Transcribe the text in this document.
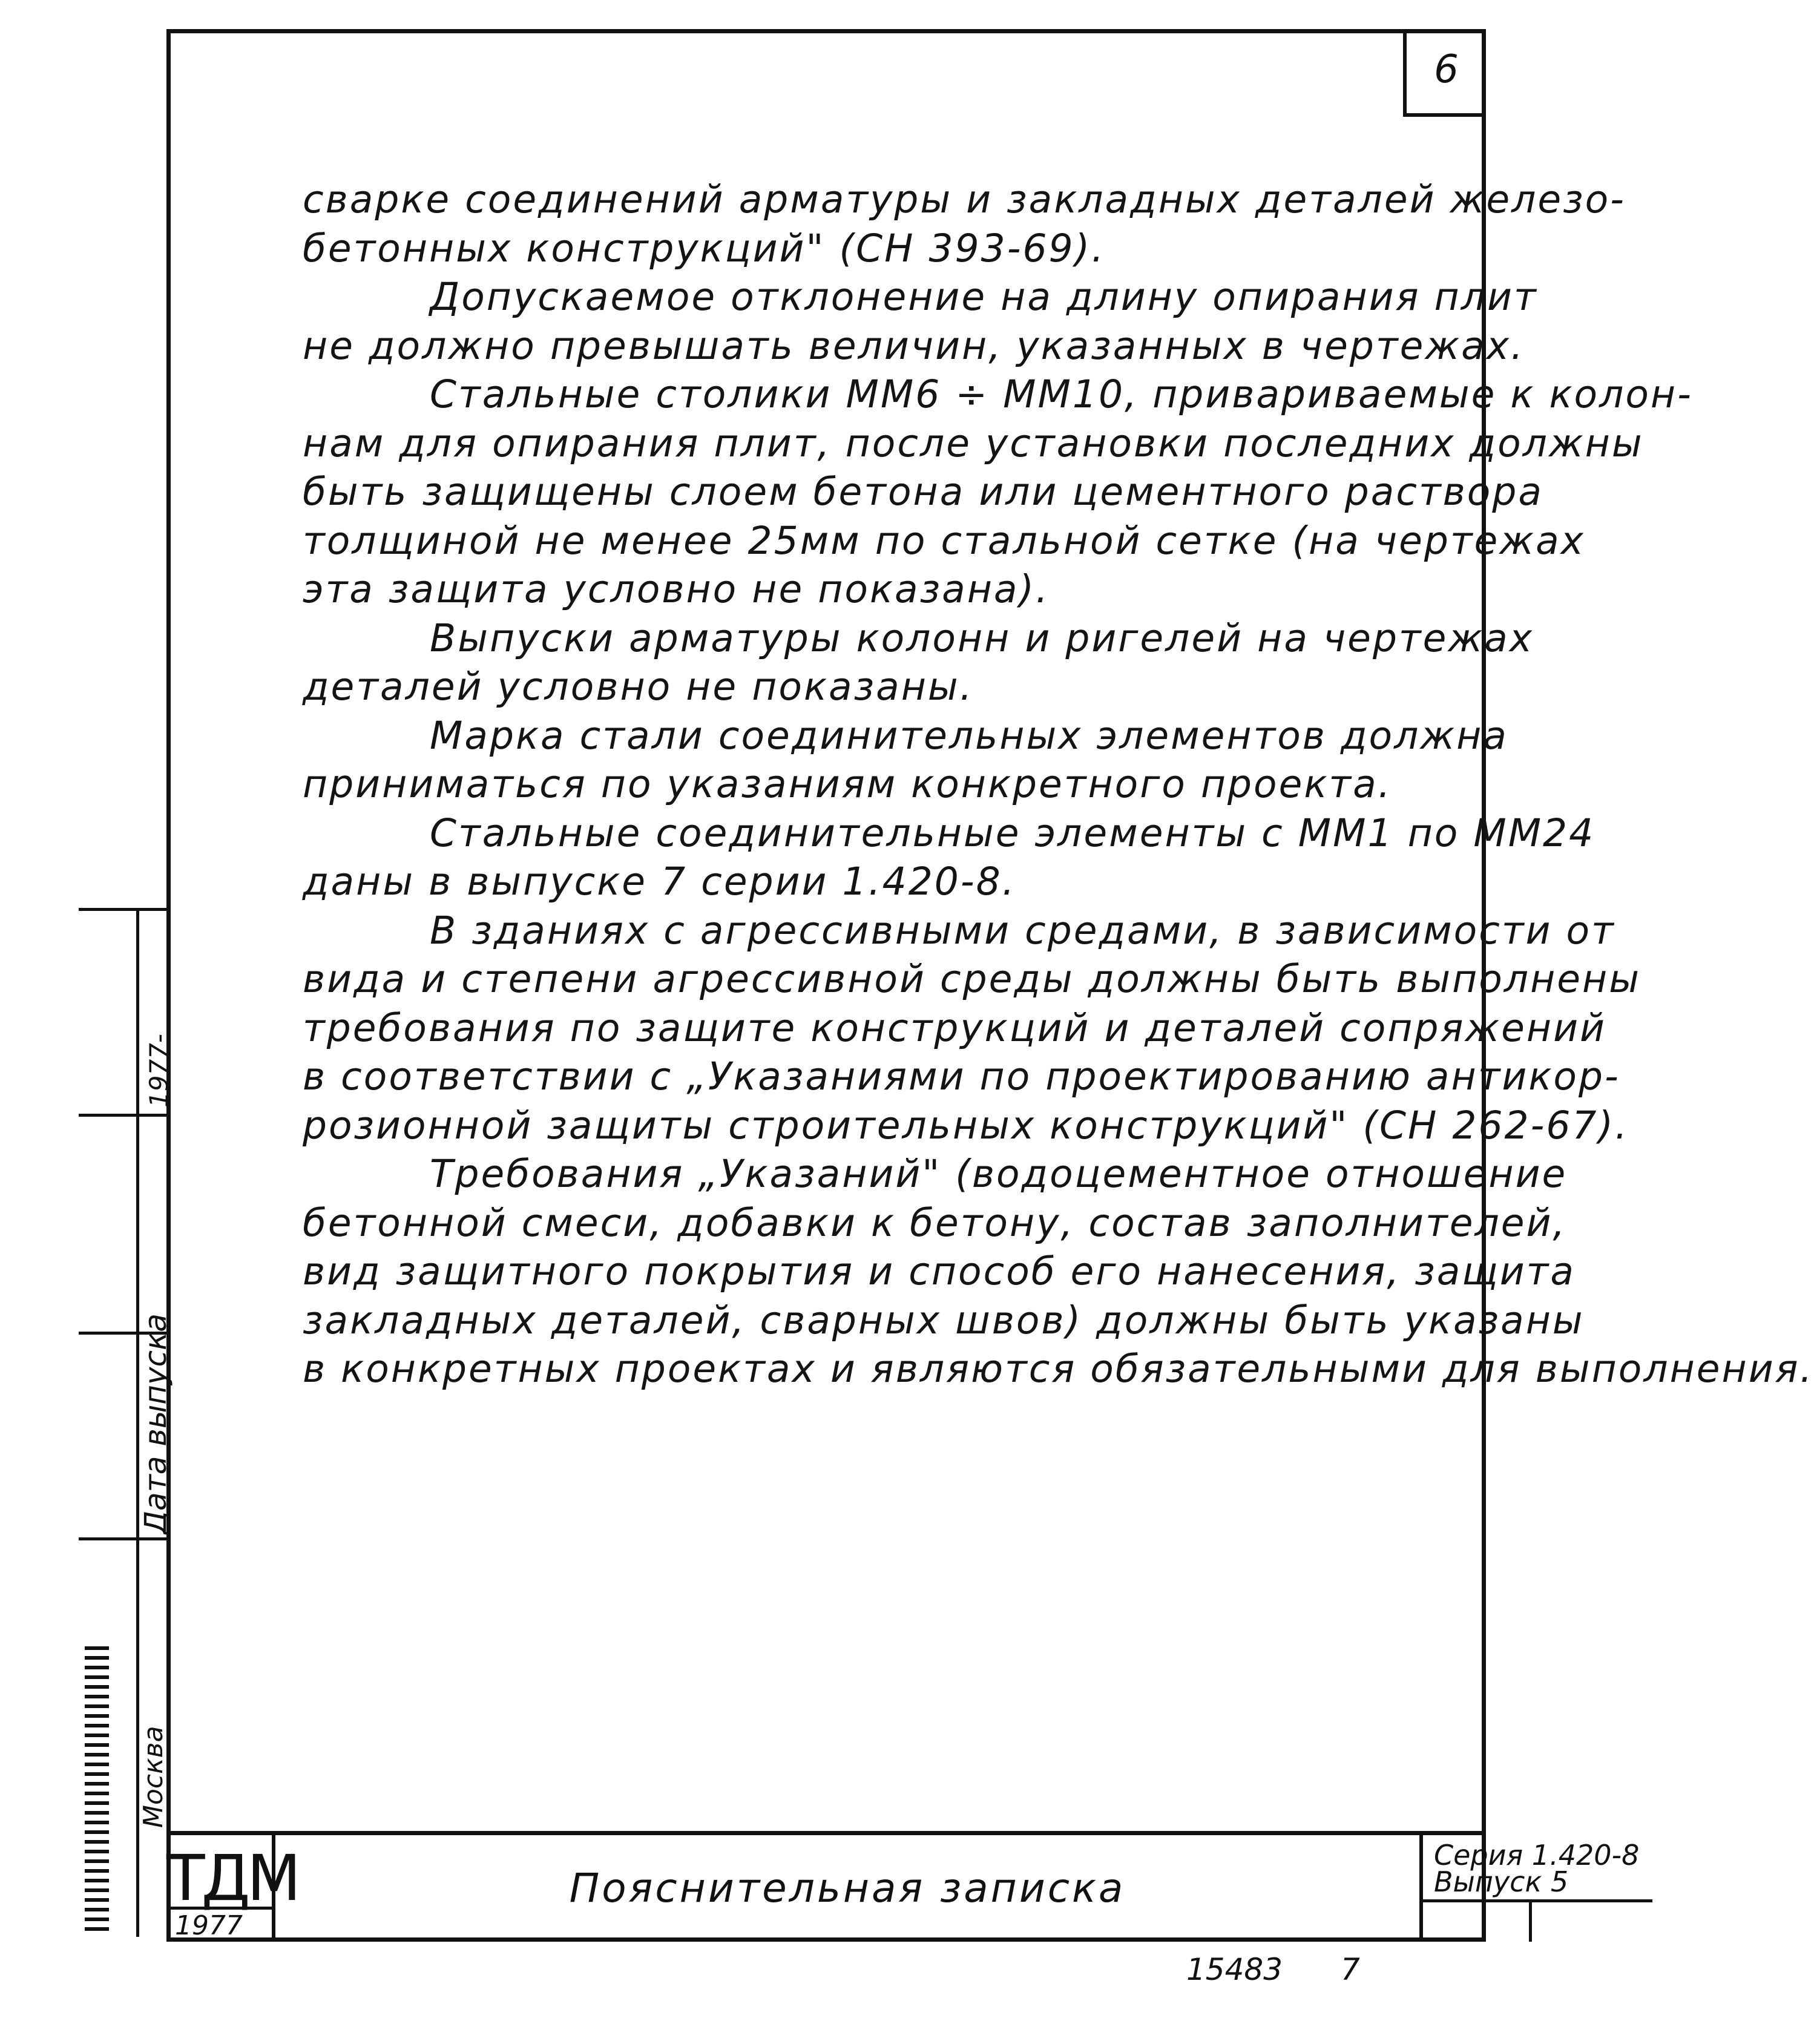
6
сварке соединений арматуры и закладных деталей железо-
бетонных конструкций" (СН 393-69).
Допускаемое отклонение на длину опирания плит
не должно превышать величин, указанных в чертежах.
Стальные столики ММ6 ÷ ММ10, привариваемые к колон-
нам для опирания плит, после установки последних должны
быть защищены слоем бетона или цементного раствора
толщиной не менее 25мм по стальной сетке (на чертежах
эта защита условно не показана).
Выпуски арматуры колонн и ригелей на чертежах
деталей условно не показаны.
Марка стали соединительных элементов должна
приниматься по указаниям конкретного проекта.
Стальные соединительные элементы с ММ1 по ММ24
даны в выпуске 7 серии 1.420-8.
В зданиях с агрессивными средами, в зависимости от
вида и степени агрессивной среды должны быть выполнены
требования по защите конструкций и деталей сопряжений
в соответствии с „Указаниями по проектированию антикор-
розионной защиты строительных конструкций" (СН 262-67).
Требования „Указаний" (водоцементное отношение
бетонной смеси, добавки к бетону, состав заполнителей,
вид защитного покрытия и способ его нанесения, защита
закладных деталей, сварных швов) должны быть указаны
в конкретных проектах и являются обязательными для выполнения.
ТДМ
1977
Пояснительная записка
Серия 1.420-8
Выпуск 5
1977-
Дата выпуска
Москва
15483 7
